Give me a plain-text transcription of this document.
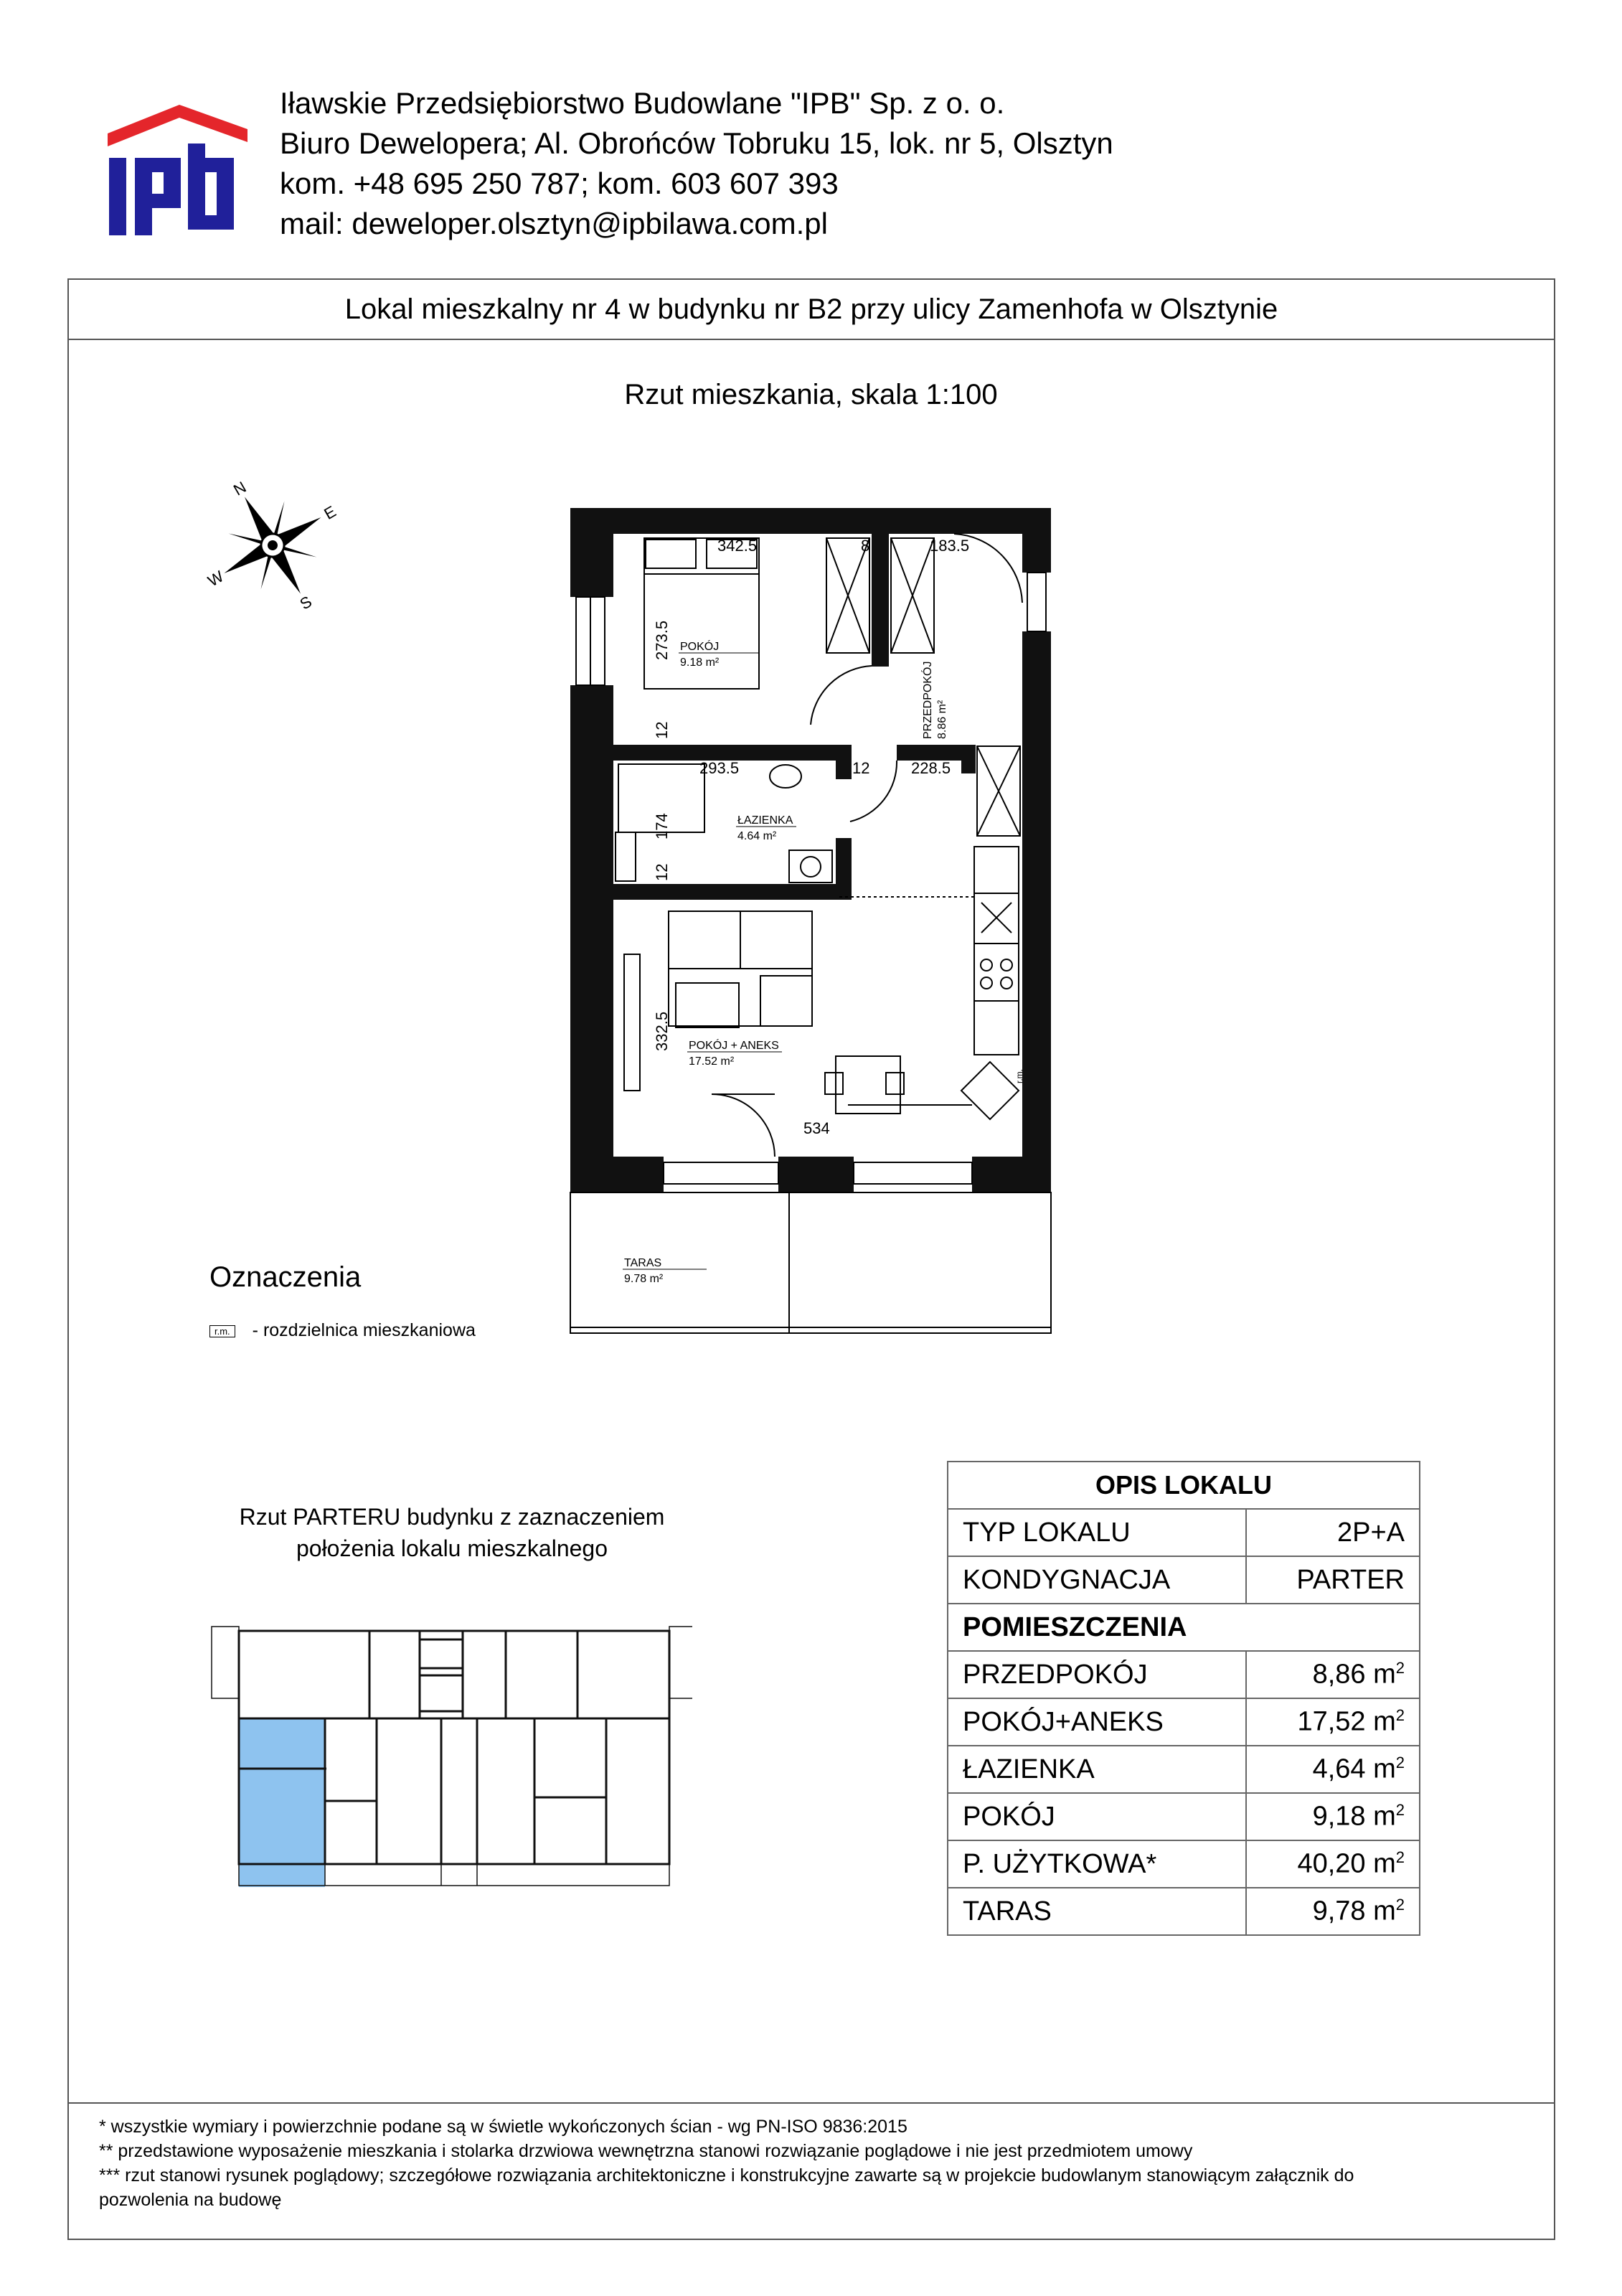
Iławskie Przedsiębiorstwo Budowlane "IPB" Sp. z o. o.
Biuro Dewelopera; Al. Obrońców Tobruku 15, lok. nr 5, Olsztyn
kom. +48 695 250 787; kom. 603 607 393
mail: deweloper.olsztyn@ipbilawa.com.pl
Lokal mieszkalny nr 4 w budynku nr B2 przy ulicy Zamenhofa w Olsztynie
Rzut mieszkania, skala 1:100
N
E
S
W
342.5	8	183.5
273.5
12
293.5	12	228.5
174
12
332.5
534
POKÓJ
9.18 m²	PRZEDPOKÓJ 8.86 m²
ŁAZIENKA
4.64 m²
POKÓJ + ANEKS
17.52 m²
TARAS
9.78 m²
r.m.
Oznaczenia
r.m. - rozdzielnica mieszkaniowa
Rzut PARTERU budynku z zaznaczeniem
położenia lokalu mieszkalnego
OPIS LOKALU	
TYP LOKALU	2P+A
KONDYGNACJA	PARTER
POMIESZCZENIA	
PRZEDPOKÓJ	8,86 $m^2$
POKÓJ+ANEKS	17,52 $m^2$
ŁAZIENKA	4,64 $m^2$
POKÓJ	9,18 $m^2$
P. UŻYTKOWA*	40,20 $m^2$
TARAS	9,78 $m^2$
* wszystkie wymiary i powierzchnie podane są w świetle wykończonych ścian - wg PN-ISO 9836:2015
** przedstawione wyposażenie mieszkania i stolarka drzwiowa wewnętrzna stanowi rozwiązanie poglądowe i nie jest przedmiotem umowy
*** rzut stanowi rysunek poglądowy; szczegółowe rozwiązania architektoniczne i konstrukcyjne zawarte są w projekcie budowlanym stanowiącym załącznik do
pozwolenia na budowę
